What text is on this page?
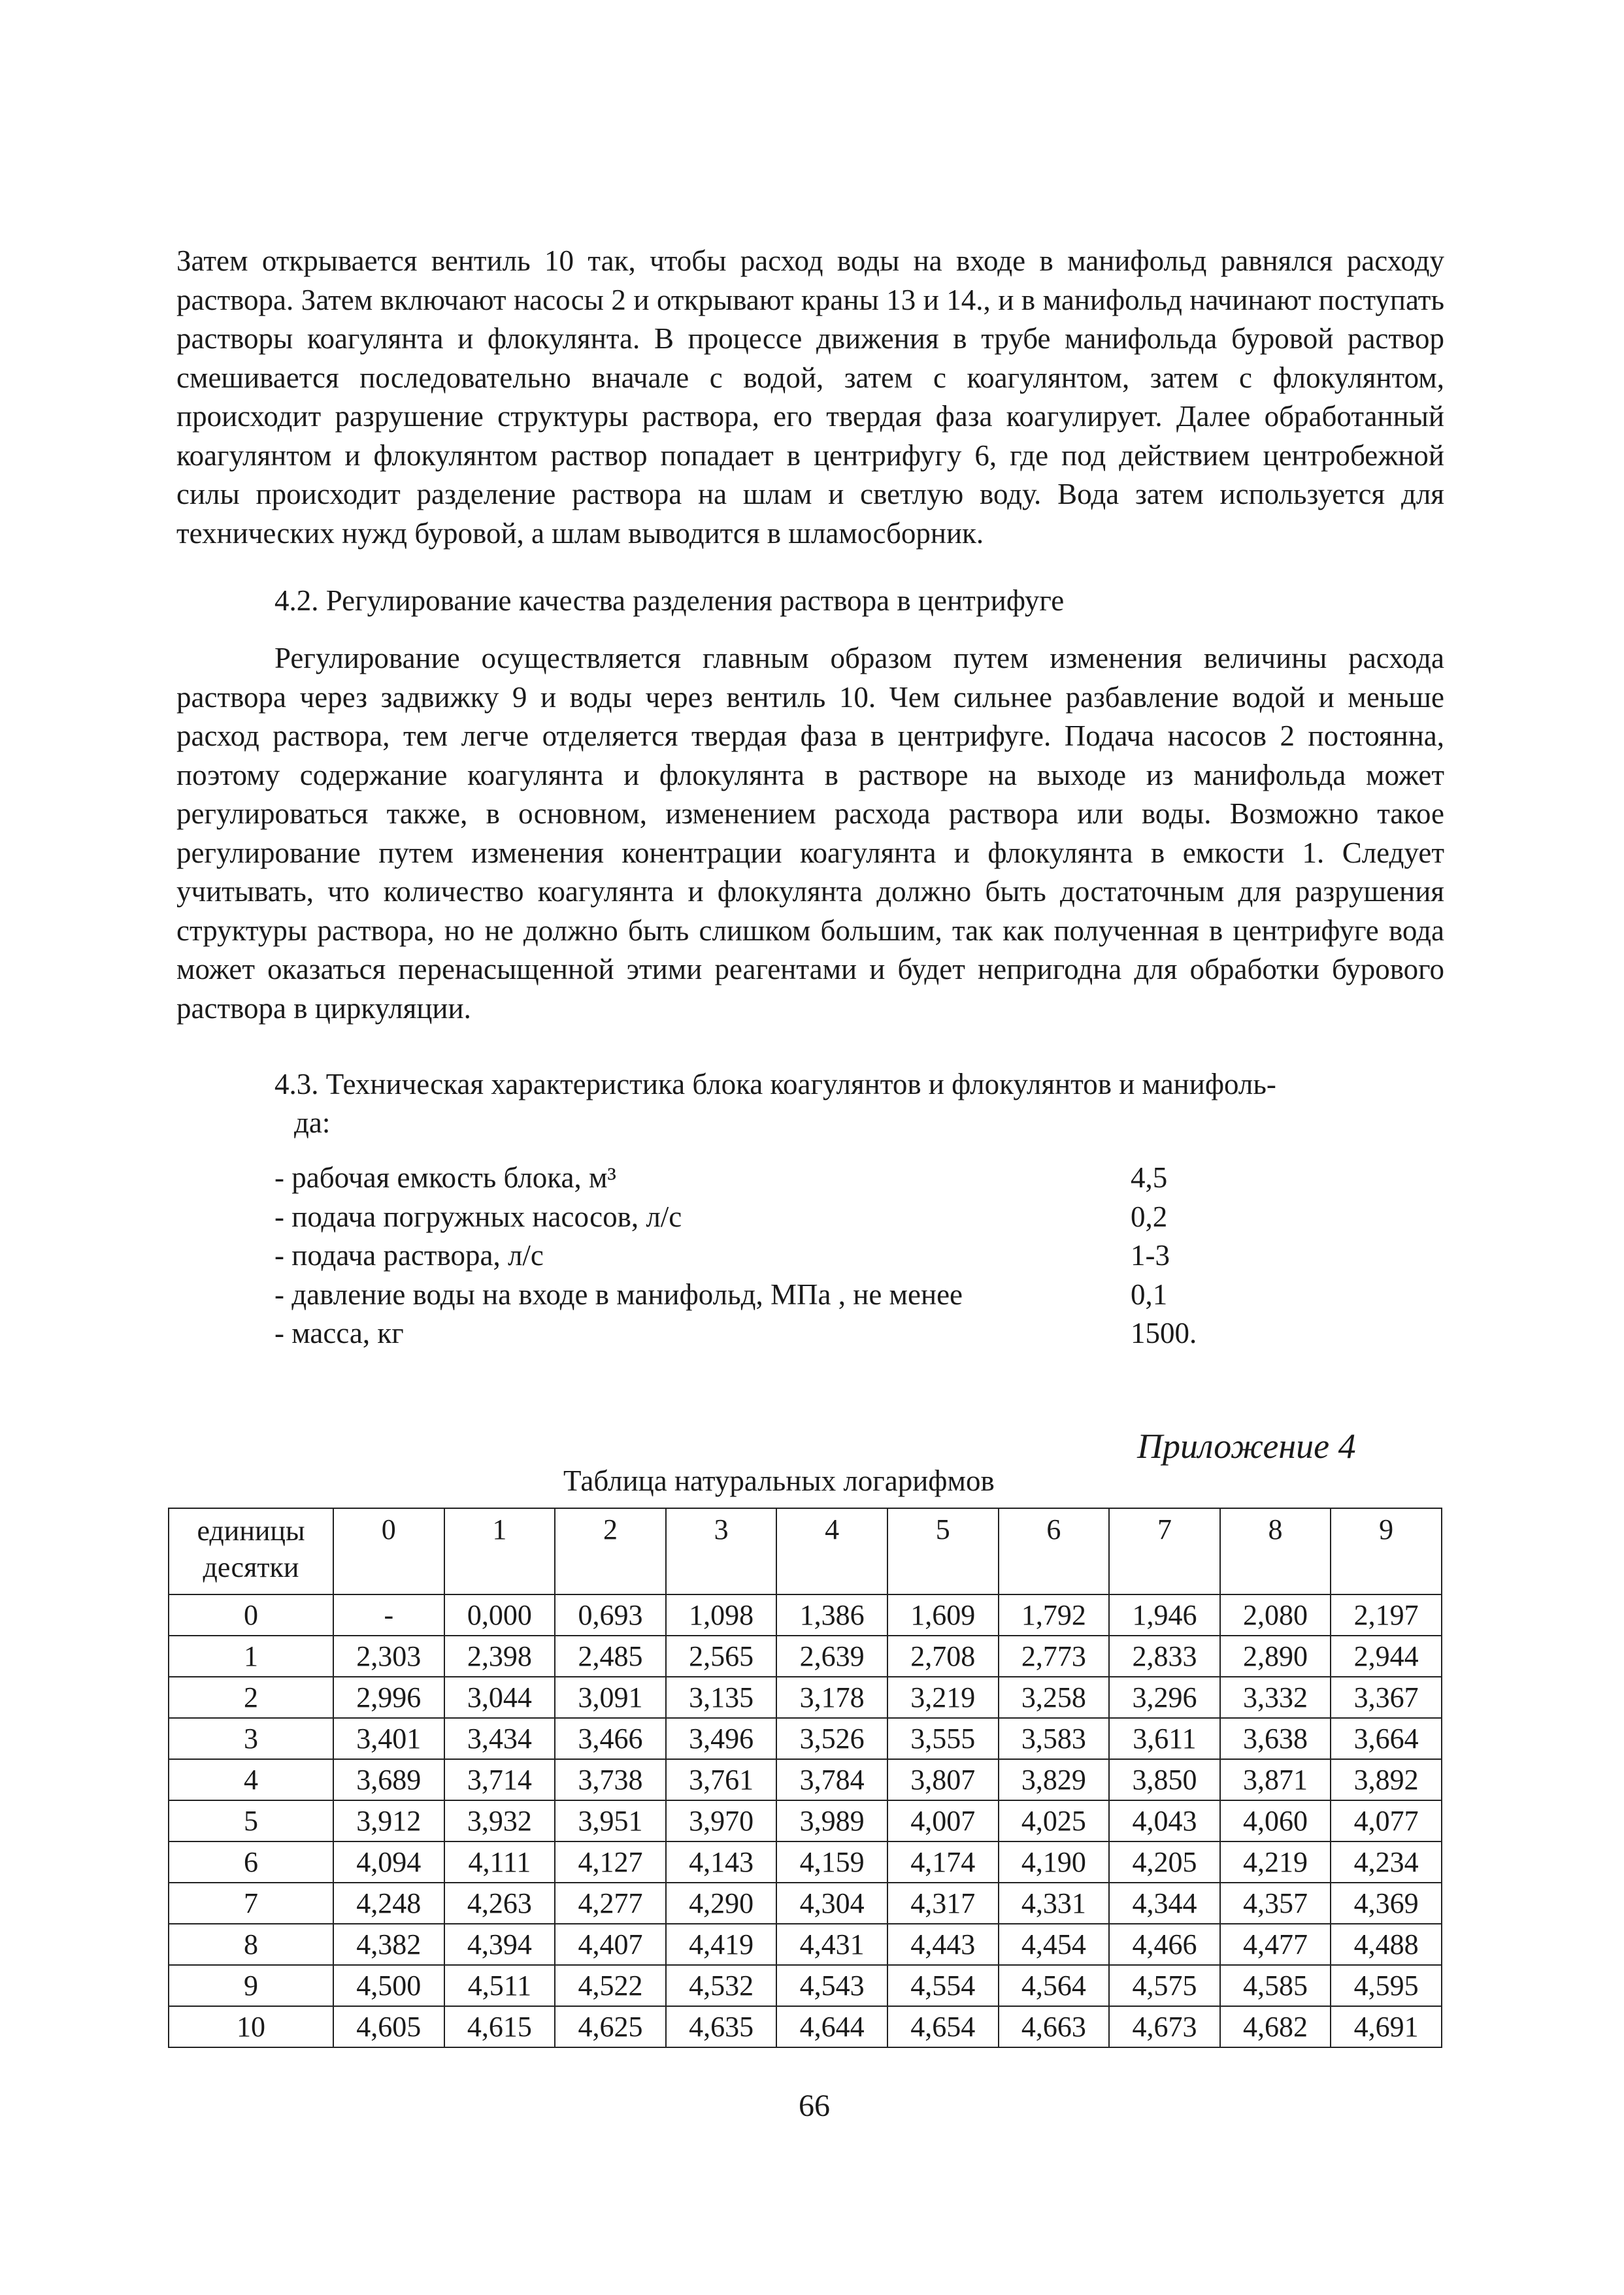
Затем открывается вентиль 10 так, чтобы расход воды на входе в манифольд равнялся расходу раствора. Затем включают насосы 2 и открывают краны 13 и 14., и в манифольд начинают поступать растворы коагулянта и флокулянта. В процессе движения в трубе манифольда буровой раствор смешивается последовательно вначале с водой, затем с коагулянтом, затем с флокулянтом, происходит разрушение структуры раствора, его твердая фаза коагулирует. Далее обработанный коагулянтом и флокулянтом раствор попадает в центрифугу 6, где под действием центробежной силы происходит разделение раствора на шлам и светлую воду. Вода затем используется для технических нужд буровой, а шлам выводится в шламосборник.

4.2. Регулирование качества разделения раствора в центрифуге

Регулирование осуществляется главным образом путем изменения величины расхода раствора через задвижку 9 и воды через вентиль 10. Чем сильнее разбавление водой и меньше расход раствора, тем легче отделяется твердая фаза в центрифуге. Подача насосов 2 постоянна, поэтому содержание коагулянта и флокулянта в растворе на выходе из манифольда может регулироваться также, в основном, изменением расхода раствора или воды. Возможно такое регулирование путем изменения конентрации коагулянта и флокулянта в емкости 1. Следует учитывать, что количество коагулянта и флокулянта должно быть достаточным для разрушения структуры раствора, но не должно быть слишком большим, так как полученная в центрифуге вода может оказаться перенасыщенной этими реагентами и будет непригодна для обработки бурового раствора в циркуляции.

4.3. Техническая характеристика блока коагулянтов и флокулянтов и манифоль-
да:

- рабочая емкость блока, м³	4,5
- подача погружных насосов, л/с	0,2
- подача раствора, л/с	1-3
- давление воды на входе в манифольд, МПа , не менее	0,1
- масса, кг	1500.

Приложение 4

Таблица натуральных логарифмов

единицы
десятки	0	1	2	3	4	5	6	7	8	9
0	-	0,000	0,693	1,098	1,386	1,609	1,792	1,946	2,080	2,197
1	2,303	2,398	2,485	2,565	2,639	2,708	2,773	2,833	2,890	2,944
2	2,996	3,044	3,091	3,135	3,178	3,219	3,258	3,296	3,332	3,367
3	3,401	3,434	3,466	3,496	3,526	3,555	3,583	3,611	3,638	3,664
4	3,689	3,714	3,738	3,761	3,784	3,807	3,829	3,850	3,871	3,892
5	3,912	3,932	3,951	3,970	3,989	4,007	4,025	4,043	4,060	4,077
6	4,094	4,111	4,127	4,143	4,159	4,174	4,190	4,205	4,219	4,234
7	4,248	4,263	4,277	4,290	4,304	4,317	4,331	4,344	4,357	4,369
8	4,382	4,394	4,407	4,419	4,431	4,443	4,454	4,466	4,477	4,488
9	4,500	4,511	4,522	4,532	4,543	4,554	4,564	4,575	4,585	4,595
10	4,605	4,615	4,625	4,635	4,644	4,654	4,663	4,673	4,682	4,691

66
